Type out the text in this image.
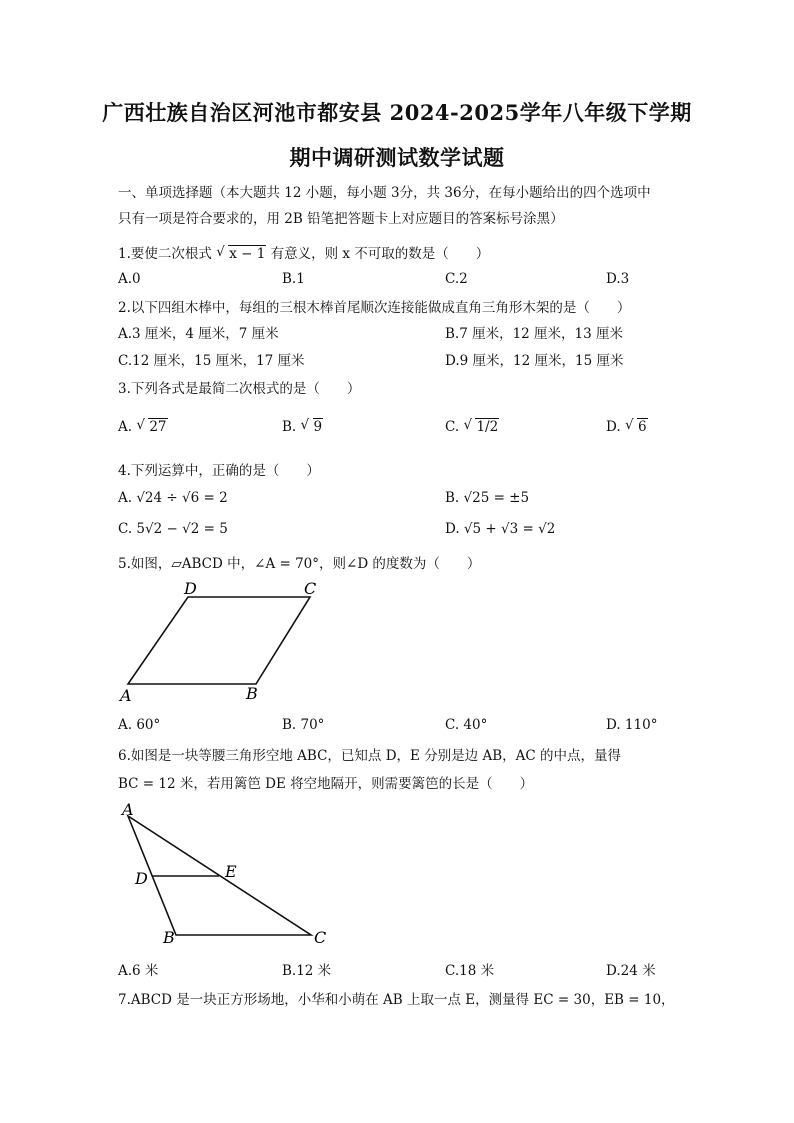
广西壮族自治区河池市都安县 2024-2025学年八年级下学期
期中调研测试数学试题
一、单项选择题（本大题共 12 小题，每小题 3分，共 36分，在每小题给出的四个选项中
只有一项是符合要求的，用 2B 铅笔把答题卡上对应题目的答案标号涂黑）
1.要使二次根式 √ x − 1 有意义，则 x 不可取的数是（　　）
A.0	B.1	C.2	D.3
2.以下四组木棒中，每组的三根木棒首尾顺次连接能做成直角三角形木架的是（　　）
A.3 厘米，4 厘米，7 厘米	B.7 厘米，12 厘米，13 厘米
C.12 厘米，15 厘米，17 厘米	D.9 厘米，12 厘米，15 厘米
3.下列各式是最简二次根式的是（　　）
A. √ 27	B. √ 9	C. √ 1/2	D. √ 6
4.下列运算中，正确的是（　　）
A. √24 ÷ √6 = 2	B. √25 = ±5
C. 5√2 − √2 = 5	D. √5 + √3 = √2
5.如图，▱ABCD 中，∠A = 70°，则∠D 的度数为（　　）
D	C
A	B
A. 60°	B. 70°	C. 40°	D. 110°
6.如图是一块等腰三角形空地 ABC，已知点 D，E 分别是边 AB，AC 的中点，量得
BC = 12 米，若用篱笆 DE 将空地隔开，则需要篱笆的长是（　　）
A
D	E
B	C
A.6 米	B.12 米	C.18 米	D.24 米
7.ABCD 是一块正方形场地，小华和小萌在 AB 上取一点 E，测量得 EC = 30，EB = 10，
